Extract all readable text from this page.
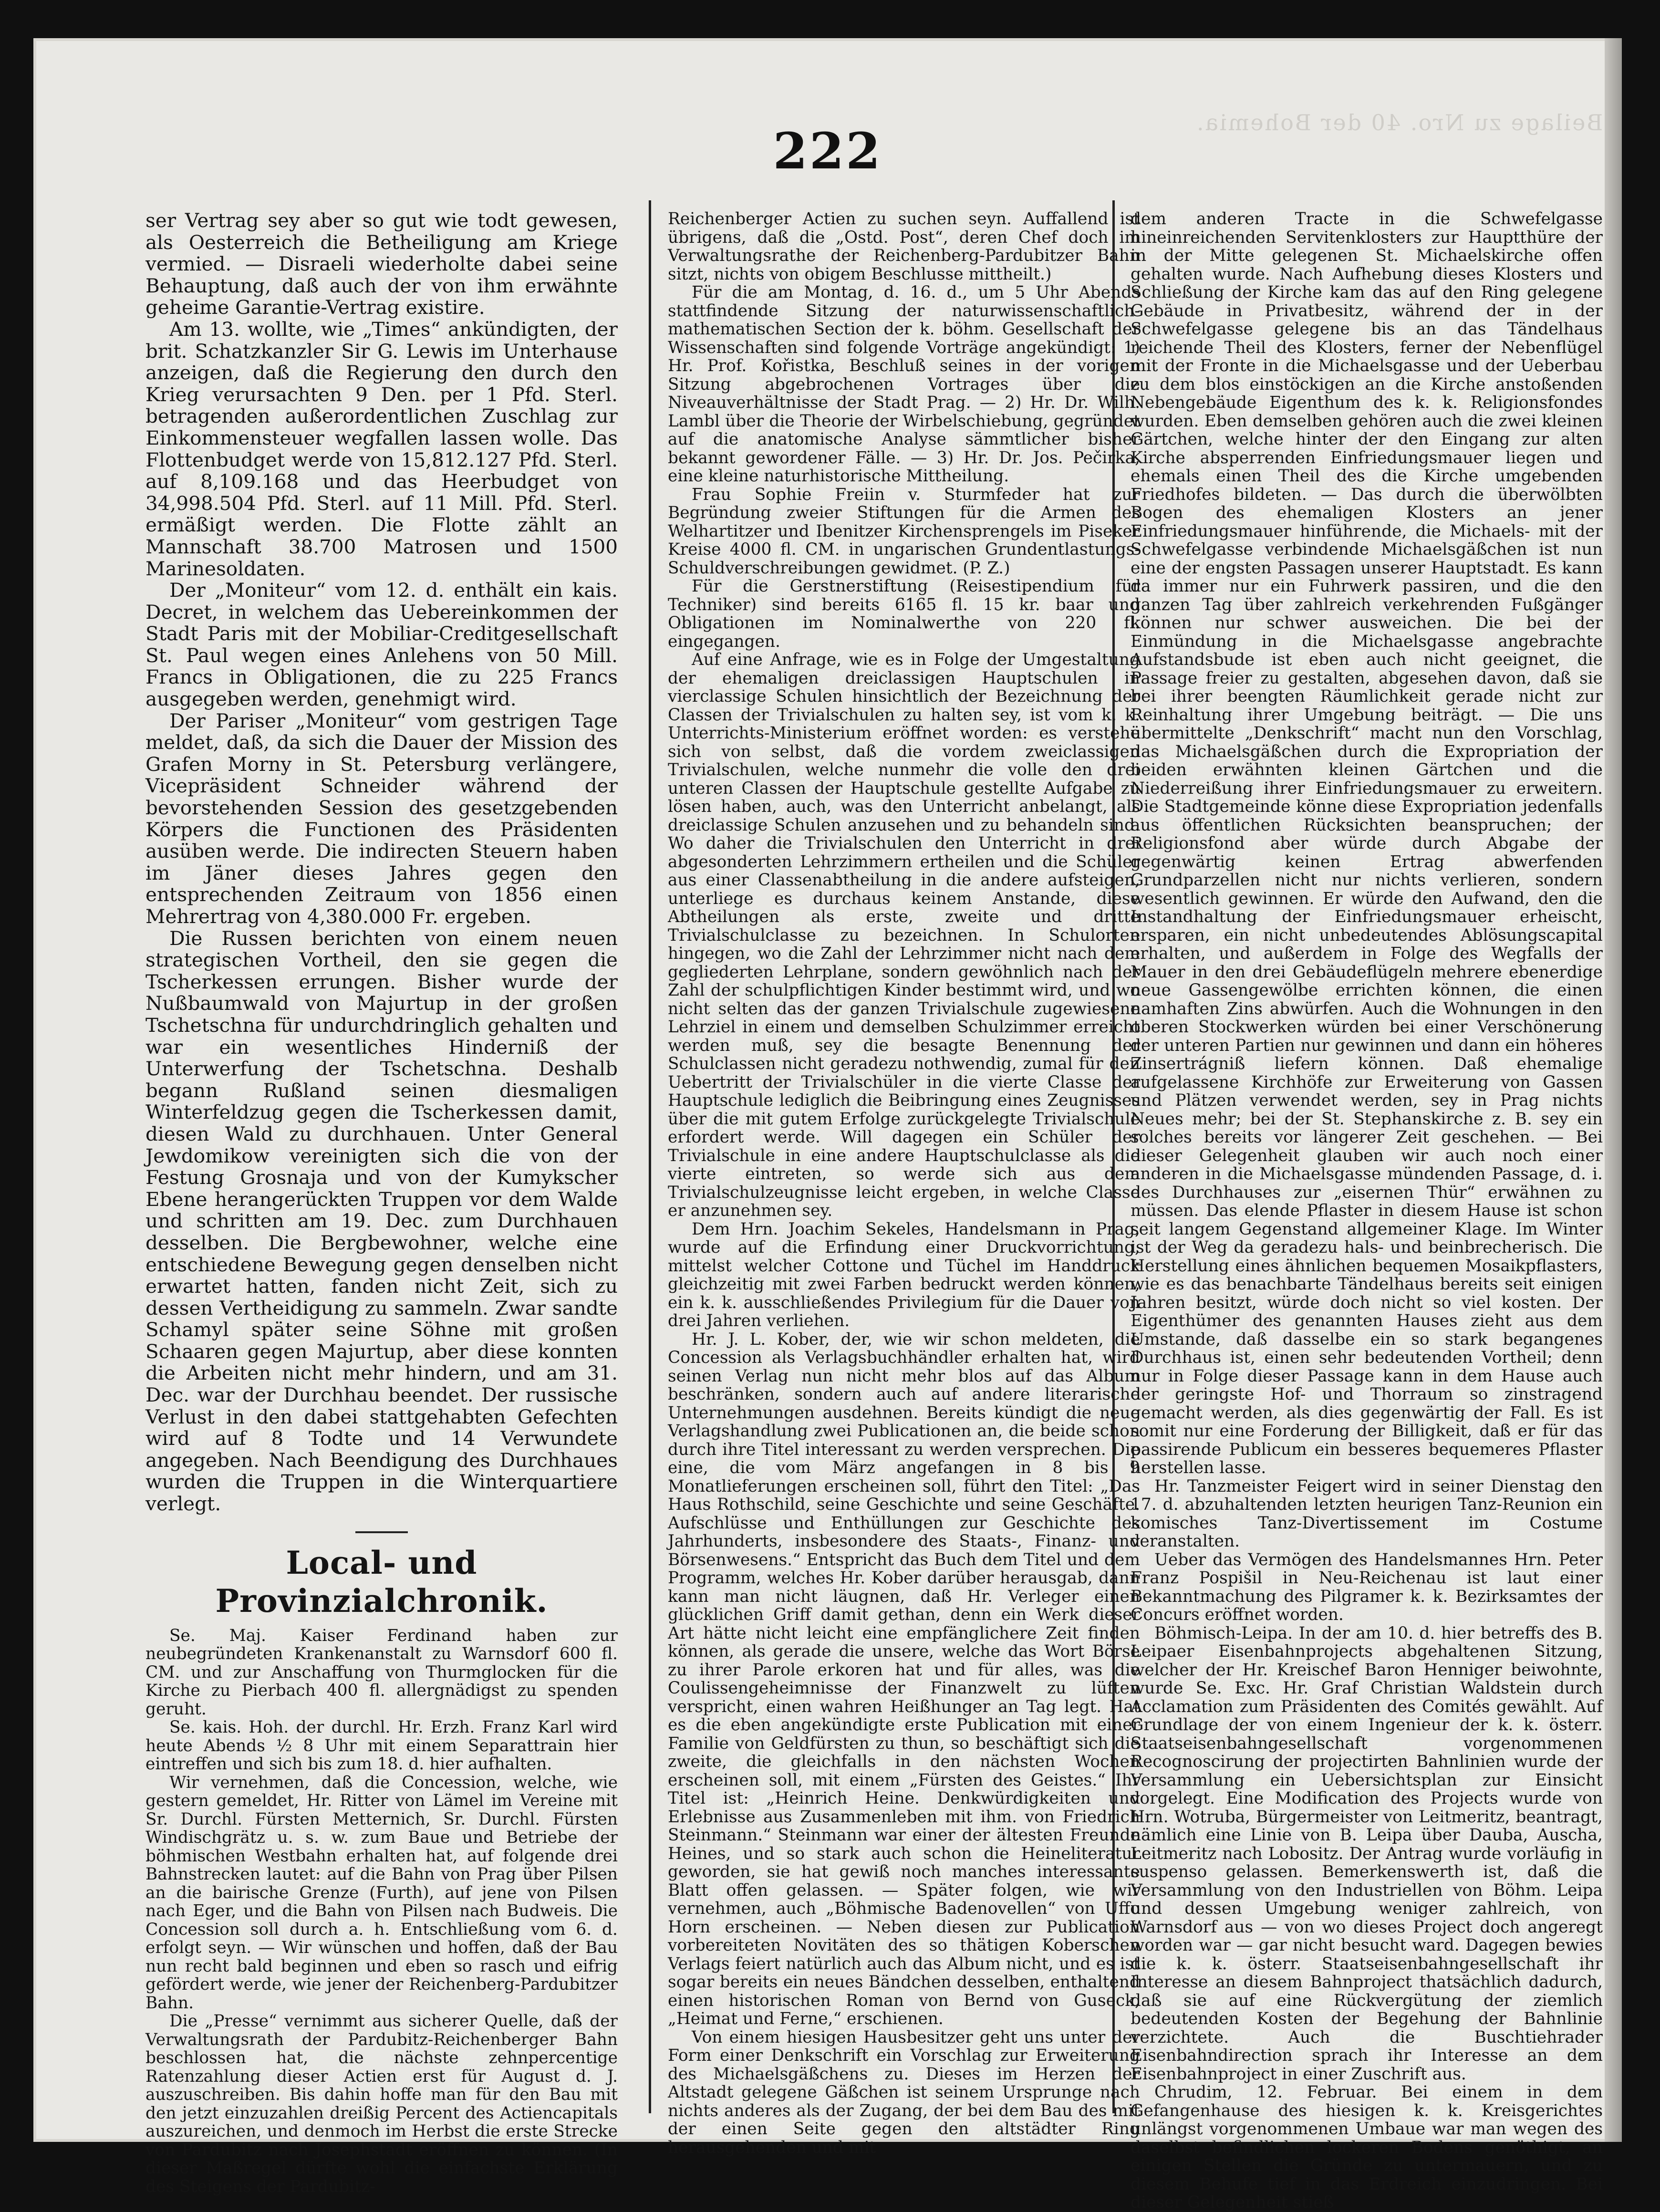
Beilage zu Nro. 40 der Bohemia.
222

ser Vertrag sey aber so gut wie todt gewesen, als Oesterreich die Betheiligung am Kriege vermied. — Disraeli wiederholte dabei seine Behauptung, daß auch der von ihm erwähnte geheime Garantie-Vertrag existire.

Am 13. wollte, wie „Times“ ankündigten, der brit. Schatzkanzler Sir G. Lewis im Unterhause anzeigen, daß die Regierung den durch den Krieg verursachten 9 Den. per 1 Pfd. Sterl. betragenden außerordentlichen Zuschlag zur Einkommensteuer wegfallen lassen wolle. Das Flottenbudget werde von 15,812.127 Pfd. Sterl. auf 8,109.168 und das Heerbudget von 34,998.504 Pfd. Sterl. auf 11 Mill. Pfd. Sterl. ermäßigt werden. Die Flotte zählt an Mannschaft 38.700 Matrosen und 1500 Marinesoldaten.

Der „Moniteur“ vom 12. d. enthält ein kais. Decret, in welchem das Uebereinkommen der Stadt Paris mit der Mobiliar-Creditgesellschaft St. Paul wegen eines Anlehens von 50 Mill. Francs in Obligationen, die zu 225 Francs ausgegeben werden, genehmigt wird.

Der Pariser „Moniteur“ vom gestrigen Tage meldet, daß, da sich die Dauer der Mission des Grafen Morny in St. Petersburg verlängere, Vicepräsident Schneider während der bevorstehenden Session des gesetzgebenden Körpers die Functionen des Präsidenten ausüben werde. Die indirecten Steuern haben im Jäner dieses Jahres gegen den entsprechenden Zeitraum von 1856 einen Mehrertrag von 4,380.000 Fr. ergeben.

Die Russen berichten von einem neuen strategischen Vortheil, den sie gegen die Tscherkessen errungen. Bisher wurde der Nußbaumwald von Majurtup in der großen Tschetschna für undurchdringlich gehalten und war ein wesentliches Hinderniß der Unterwerfung der Tschetschna. Deshalb begann Rußland seinen diesmaligen Winterfeldzug gegen die Tscherkessen damit, diesen Wald zu durchhauen. Unter General Jewdomikow vereinigten sich die von der Festung Grosnaja und von der Kumykscher Ebene herangerückten Truppen vor dem Walde und schritten am 19. Dec. zum Durchhauen desselben. Die Bergbewohner, welche eine entschiedene Bewegung gegen denselben nicht erwartet hatten, fanden nicht Zeit, sich zu dessen Vertheidigung zu sammeln. Zwar sandte Schamyl später seine Söhne mit großen Schaaren gegen Majurtup, aber diese konnten die Arbeiten nicht mehr hindern, und am 31. Dec. war der Durchhau beendet. Der russische Verlust in den dabei stattgehabten Gefechten wird auf 8 Todte und 14 Verwundete angegeben. Nach Beendigung des Durchhaues wurden die Truppen in die Winterquartiere verlegt.

Local- und Provinzialchronik.

Se. Maj. Kaiser Ferdinand haben zur neubegründeten Krankenanstalt zu Warnsdorf 600 fl. CM. und zur Anschaffung von Thurmglocken für die Kirche zu Pierbach 400 fl. allergnädigst zu spenden geruht.

Se. kais. Hoh. der durchl. Hr. Erzh. Franz Karl wird heute Abends ½ 8 Uhr mit einem Separattrain hier eintreffen und sich bis zum 18. d. hier aufhalten.

Wir vernehmen, daß die Concession, welche, wie gestern gemeldet, Hr. Ritter von Lämel im Vereine mit Sr. Durchl. Fürsten Metternich, Sr. Durchl. Fürsten Windischgrätz u. s. w. zum Baue und Betriebe der böhmischen Westbahn erhalten hat, auf folgende drei Bahnstrecken lautet: auf die Bahn von Prag über Pilsen an die bairische Grenze (Furth), auf jene von Pilsen nach Eger, und die Bahn von Pilsen nach Budweis. Die Concession soll durch a. h. Entschließung vom 6. d. erfolgt seyn. — Wir wünschen und hoffen, daß der Bau nun recht bald beginnen und eben so rasch und eifrig gefördert werde, wie jener der Reichenberg-Pardubitzer Bahn.

Die „Presse“ vernimmt aus sicherer Quelle, daß der Verwaltungsrath der Pardubitz-Reichenberger Bahn beschlossen hat, die nächste zehnpercentige Ratenzahlung dieser Actien erst für August d. J. auszuschreiben. Bis dahin hoffe man für den Bau mit den jetzt einzuzahlen dreißig Percent des Actiencapitals auszureichen, und denmoch im Herbst die erste Strecke von Pardubitz nach Josephstadt eröffnen zu können. (In dieser Maßregel dürfte wohl die einfachste Erklärung des Steigens der Pardubitz-

Reichenberger Actien zu suchen seyn. Auffallend ist übrigens, daß die „Ostd. Post“, deren Chef doch im Verwaltungsrathe der Reichenberg-Pardubitzer Bahn sitzt, nichts von obigem Beschlusse mittheilt.)

Für die am Montag, d. 16. d., um 5 Uhr Abends stattfindende Sitzung der naturwissenschaftlich-mathematischen Section der k. böhm. Gesellschaft der Wissenschaften sind folgende Vorträge angekündigt: 1) Hr. Prof. Kořistka, Beschluß seines in der vorigen Sitzung abgebrochenen Vortrages über die Niveauverhältnisse der Stadt Prag. — 2) Hr. Dr. Wilh. Lambl über die Theorie der Wirbelschiebung, gegründet auf die anatomische Analyse sämmtlicher bisher bekannt gewordener Fälle. — 3) Hr. Dr. Jos. Pečirka, eine kleine naturhistorische Mittheilung.

Frau Sophie Freiin v. Sturmfeder hat zur Begründung zweier Stiftungen für die Armen des Welhartitzer und Ibenitzer Kirchensprengels im Piseker Kreise 4000 fl. CM. in ungarischen Grundentlastungs-Schuldverschreibungen gewidmet. (P. Z.)

Für die Gerstnerstiftung (Reisestipendium für Techniker) sind bereits 6165 fl. 15 kr. baar und Obligationen im Nominalwerthe von 220 fl. eingegangen.

Auf eine Anfrage, wie es in Folge der Umgestaltung der ehemaligen dreiclassigen Hauptschulen in vierclassige Schulen hinsichtlich der Bezeichnung der Classen der Trivialschulen zu halten sey, ist vom k. k. Unterrichts-Ministerium eröffnet worden: es verstehe sich von selbst, daß die vordem zweiclassigen Trivialschulen, welche nunmehr die volle den drei unteren Classen der Hauptschule gestellte Aufgabe zu lösen haben, auch, was den Unterricht anbelangt, als dreiclassige Schulen anzusehen und zu behandeln sind. Wo daher die Trivialschulen den Unterricht in drei abgesonderten Lehrzimmern ertheilen und die Schüler aus einer Classenabtheilung in die andere aufsteigen, unterliege es durchaus keinem Anstande, diese Abtheilungen als erste, zweite und dritte Trivialschulclasse zu bezeichnen. In Schulorten hingegen, wo die Zahl der Lehrzimmer nicht nach dem gegliederten Lehrplane, sondern gewöhnlich nach der Zahl der schulpflichtigen Kinder bestimmt wird, und wo nicht selten das der ganzen Trivialschule zugewiesene Lehrziel in einem und demselben Schulzimmer erreicht werden muß, sey die besagte Benennung der Schulclassen nicht geradezu nothwendig, zumal für den Uebertritt der Trivialschüler in die vierte Classe der Hauptschule lediglich die Beibringung eines Zeugnisses über die mit gutem Erfolge zurückgelegte Trivialschule erfordert werde. Will dagegen ein Schüler der Trivialschule in eine andere Hauptschulclasse als die vierte eintreten, so werde sich aus dem Trivialschulzeugnisse leicht ergeben, in welche Classe er anzunehmen sey.

Dem Hrn. Joachim Sekeles, Handelsmann in Prag, wurde auf die Erfindung einer Druckvorrichtung, mittelst welcher Cottone und Tüchel im Handdruck gleichzeitig mit zwei Farben bedruckt werden können, ein k. k. ausschließendes Privilegium für die Dauer von drei Jahren verliehen.

Hr. J. L. Kober, der, wie wir schon meldeten, die Concession als Verlagsbuchhändler erhalten hat, wird seinen Verlag nun nicht mehr blos auf das Album beschränken, sondern auch auf andere literarische Unternehmungen ausdehnen. Bereits kündigt die neue Verlagshandlung zwei Publicationen an, die beide schon durch ihre Titel interessant zu werden versprechen. Die eine, die vom März angefangen in 8 bis 9 Monatlieferungen erscheinen soll, führt den Titel: „Das Haus Rothschild, seine Geschichte und seine Geschäfte. Aufschlüsse und Enthüllungen zur Geschichte des Jahrhunderts, insbesondere des Staats-, Finanz- und Börsenwesens.“ Entspricht das Buch dem Titel und dem Programm, welches Hr. Kober darüber herausgab, dann kann man nicht läugnen, daß Hr. Verleger einen glücklichen Griff damit gethan, denn ein Werk dieser Art hätte nicht leicht eine empfänglichere Zeit finden können, als gerade die unsere, welche das Wort Börse zu ihrer Parole erkoren hat und für alles, was die Coulissengeheimnisse der Finanzwelt zu lüften verspricht, einen wahren Heißhunger an Tag legt. Hat es die eben angekündigte erste Publication mit einer Familie von Geldfürsten zu thun, so beschäftigt sich die zweite, die gleichfalls in den nächsten Wochen erscheinen soll, mit einem „Fürsten des Geistes.“ Ihr Titel ist: „Heinrich Heine. Denkwürdigkeiten und Erlebnisse aus Zusammenleben mit ihm. von Friedrich Steinmann.“ Steinmann war einer der ältesten Freunde Heines, und so stark auch schon die Heineliteratur geworden, sie hat gewiß noch manches interessante Blatt offen gelassen. — Später folgen, wie wir vernehmen, auch „Böhmische Badenovellen“ von Uffo Horn erscheinen. — Neben diesen zur Publication vorbereiteten Novitäten des so thätigen Koberschen Verlags feiert natürlich auch das Album nicht, und es ist sogar bereits ein neues Bändchen desselben, enthaltend einen historischen Roman von Bernd von Guseck, „Heimat und Ferne,“ erschienen.

Von einem hiesigen Hausbesitzer geht uns unter der Form einer Denkschrift ein Vorschlag zur Erweiterung des Michaelsgäßchens zu. Dieses im Herzen der Altstadt gelegene Gäßchen ist seinem Ursprunge nach nichts anderes als der Zugang, der bei dem Bau des mit der einen Seite gegen den altstädter Ring herausgehenden und mit

dem anderen Tracte in die Schwefelgasse hineinreichenden Servitenklosters zur Hauptthüre der in der Mitte gelegenen St. Michaelskirche offen gehalten wurde. Nach Aufhebung dieses Klosters und Schließung der Kirche kam das auf den Ring gelegene Gebäude in Privatbesitz, während der in der Schwefelgasse gelegene bis an das Tändelhaus reichende Theil des Klosters, ferner der Nebenflügel mit der Fronte in die Michaelsgasse und der Ueberbau zu dem blos einstöckigen an die Kirche anstoßenden Nebengebäude Eigenthum des k. k. Religionsfondes wurden. Eben demselben gehören auch die zwei kleinen Gärtchen, welche hinter der den Eingang zur alten Kirche absperrenden Einfriedungsmauer liegen und ehemals einen Theil des die Kirche umgebenden Friedhofes bildeten. — Das durch die überwölbten Bogen des ehemaligen Klosters an jener Einfriedungsmauer hinführende, die Michaels- mit der Schwefelgasse verbindende Michaelsgäßchen ist nun eine der engsten Passagen unserer Hauptstadt. Es kann da immer nur ein Fuhrwerk passiren, und die den ganzen Tag über zahlreich verkehrenden Fußgänger können nur schwer ausweichen. Die bei der Einmündung in die Michaelsgasse angebrachte Aufstandsbude ist eben auch nicht geeignet, die Passage freier zu gestalten, abgesehen davon, daß sie bei ihrer beengten Räumlichkeit gerade nicht zur Reinhaltung ihrer Umgebung beiträgt. — Die uns übermittelte „Denkschrift“ macht nun den Vorschlag, das Michaelsgäßchen durch die Expropriation der beiden erwähnten kleinen Gärtchen und die Niederreißung ihrer Einfriedungsmauer zu erweitern. Die Stadtgemeinde könne diese Expropriation jedenfalls aus öffentlichen Rücksichten beanspruchen; der Religionsfond aber würde durch Abgabe der gegenwärtig keinen Ertrag abwerfenden Grundparzellen nicht nur nichts verlieren, sondern wesentlich gewinnen. Er würde den Aufwand, den die Instandhaltung der Einfriedungsmauer erheischt, ersparen, ein nicht unbedeutendes Ablösungscapital erhalten, und außerdem in Folge des Wegfalls der Mauer in den drei Gebäudeflügeln mehrere ebenerdige neue Gassengewölbe errichten können, die einen namhaften Zins abwürfen. Auch die Wohnungen in den oberen Stockwerken würden bei einer Verschönerung der unteren Partien nur gewinnen und dann ein höheres Zinsertrágniß liefern können. Daß ehemalige aufgelassene Kirchhöfe zur Erweiterung von Gassen und Plätzen verwendet werden, sey in Prag nichts Neues mehr; bei der St. Stephanskirche z. B. sey ein solches bereits vor längerer Zeit geschehen. — Bei dieser Gelegenheit glauben wir auch noch einer anderen in die Michaelsgasse mündenden Passage, d. i. des Durchhauses zur „eisernen Thür“ erwähnen zu müssen. Das elende Pflaster in diesem Hause ist schon seit langem Gegenstand allgemeiner Klage. Im Winter ist der Weg da geradezu hals- und beinbrecherisch. Die Herstellung eines ähnlichen bequemen Mosaikpflasters, wie es das benachbarte Tändelhaus bereits seit einigen Jahren besitzt, würde doch nicht so viel kosten. Der Eigenthümer des genannten Hauses zieht aus dem Umstande, daß dasselbe ein so stark begangenes Durchhaus ist, einen sehr bedeutenden Vortheil; denn nur in Folge dieser Passage kann in dem Hause auch der geringste Hof- und Thorraum so zinstragend gemacht werden, als dies gegenwärtig der Fall. Es ist somit nur eine Forderung der Billigkeit, daß er für das passirende Publicum ein besseres bequemeres Pflaster herstellen lasse.

Hr. Tanzmeister Feigert wird in seiner Dienstag den 17. d. abzuhaltenden letzten heurigen Tanz-Reunion ein komisches Tanz-Divertissement im Costume veranstalten.

Ueber das Vermögen des Handelsmannes Hrn. Peter Franz Pospišil in Neu-Reichenau ist laut einer Bekanntmachung des Pilgramer k. k. Bezirksamtes der Concurs eröffnet worden.

Böhmisch-Leipa. In der am 10. d. hier betreffs des B. Leipaer Eisenbahnprojects abgehaltenen Sitzung, welcher der Hr. Kreischef Baron Henniger beiwohnte, wurde Se. Exc. Hr. Graf Christian Waldstein durch Acclamation zum Präsidenten des Comités gewählt. Auf Grundlage der von einem Ingenieur der k. k. österr. Staatseisenbahngesellschaft vorgenommenen Recognoscirung der projectirten Bahnlinien wurde der Versammlung ein Uebersichtsplan zur Einsicht vorgelegt. Eine Modification des Projects wurde von Hrn. Wotruba, Bürgermeister von Leitmeritz, beantragt, nämlich eine Linie von B. Leipa über Dauba, Auscha, Leitmeritz nach Lobositz. Der Antrag wurde vorläufig in suspenso gelassen. Bemerkenswerth ist, daß die Versammlung von den Industriellen von Böhm. Leipa und dessen Umgebung weniger zahlreich, von Warnsdorf aus — von wo dieses Project doch angeregt worden war — gar nicht besucht ward. Dagegen bewies die k. k. österr. Staatseisenbahngesellschaft ihr Interesse an diesem Bahnproject thatsächlich dadurch, daß sie auf eine Rückvergütung der ziemlich bedeutenden Kosten der Begehung der Bahnlinie verzichtete. Auch die Buschtiehrader Eisenbahndirection sprach ihr Interesse an dem Eisenbahnproject in einer Zuschrift aus.

Chrudim, 12. Februar. Bei einem in dem Gefangenhause des hiesigen k. k. Kreisgerichtes unlängst vorgenommenen Umbaue war man wegen des daselbst befindlichen lockeren Bodens genöthigt, an einigen Stellen die Gründe zu untermauern, und zu diesem Behufe tief in das Erdreich einzudringen. Bei dieser Gelegenheit stieß
